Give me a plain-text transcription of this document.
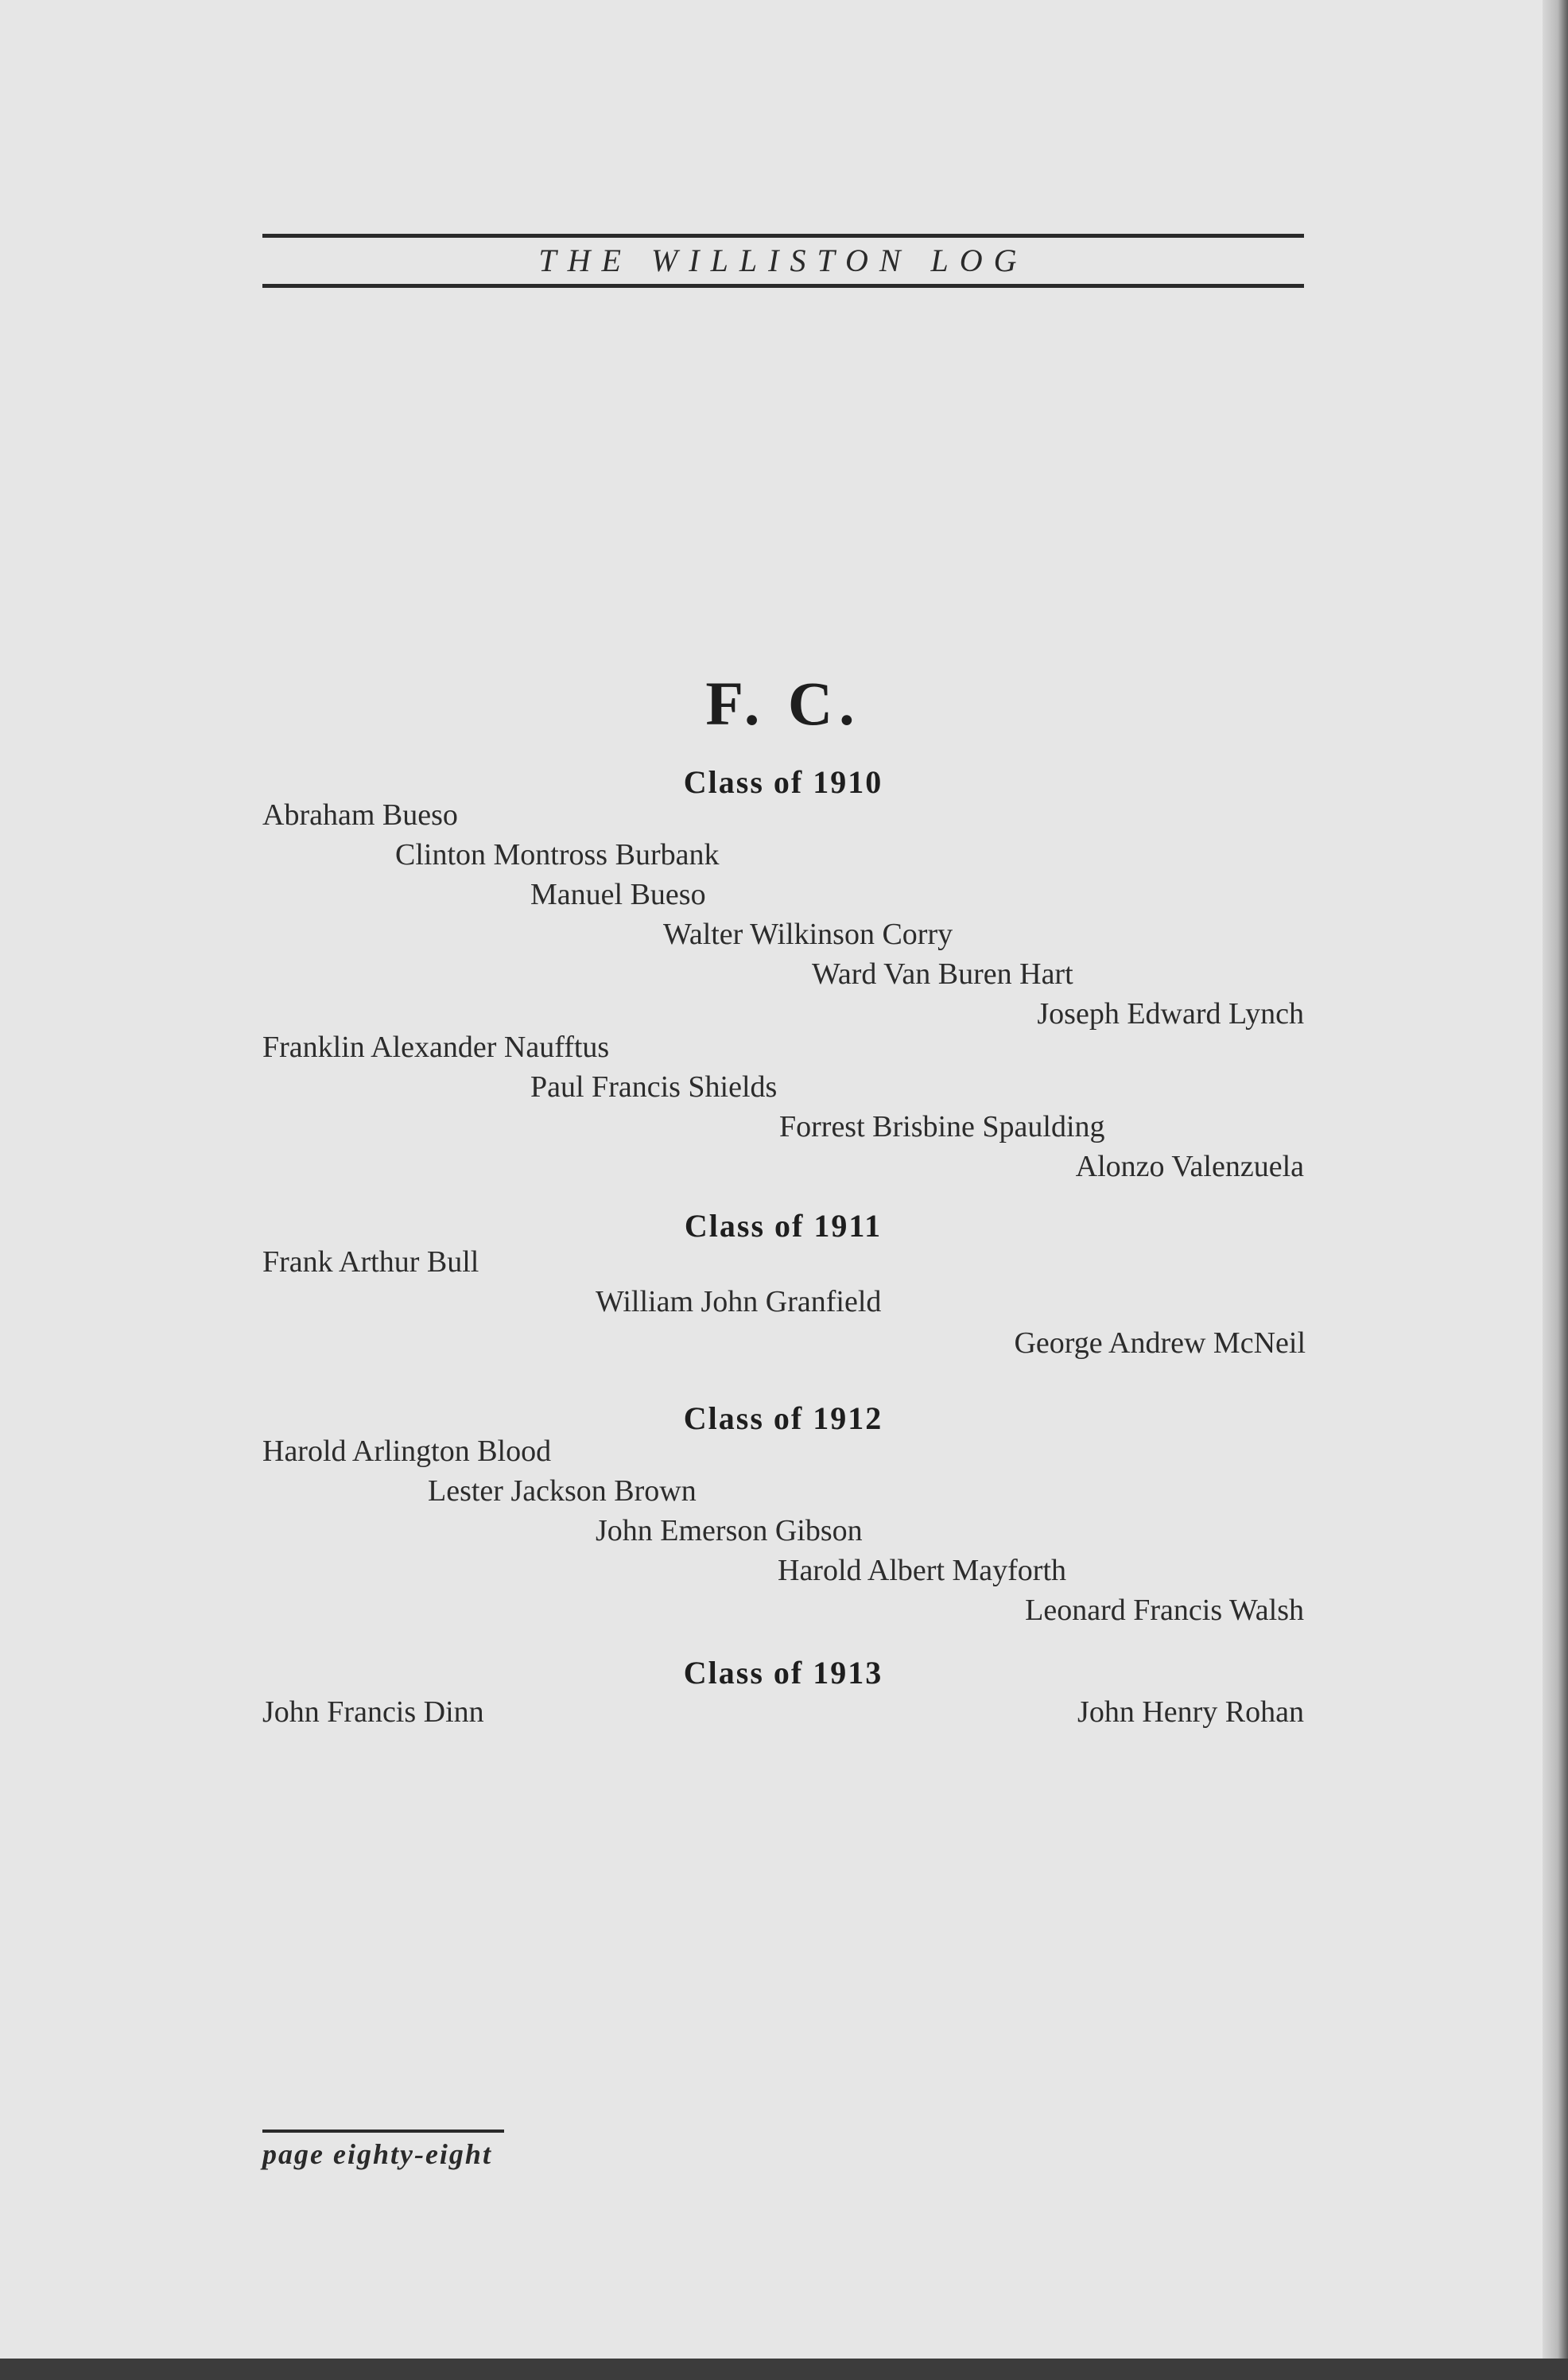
THE WILLISTON LOG
F. C.
Class of 1910
Abraham Bueso
Clinton Montross Burbank
Manuel Bueso
Walter Wilkinson Corry
Ward Van Buren Hart
Joseph Edward Lynch
Franklin Alexander Naufftus
Paul Francis Shields
Forrest Brisbine Spaulding
Alonzo Valenzuela
Class of 1911
Frank Arthur Bull
William John Granfield
George Andrew McNeil
Class of 1912
Harold Arlington Blood
Lester Jackson Brown
John Emerson Gibson
Harold Albert Mayforth
Leonard Francis Walsh
Class of 1913
John Francis Dinn	John Henry Rohan
page eighty-eight
